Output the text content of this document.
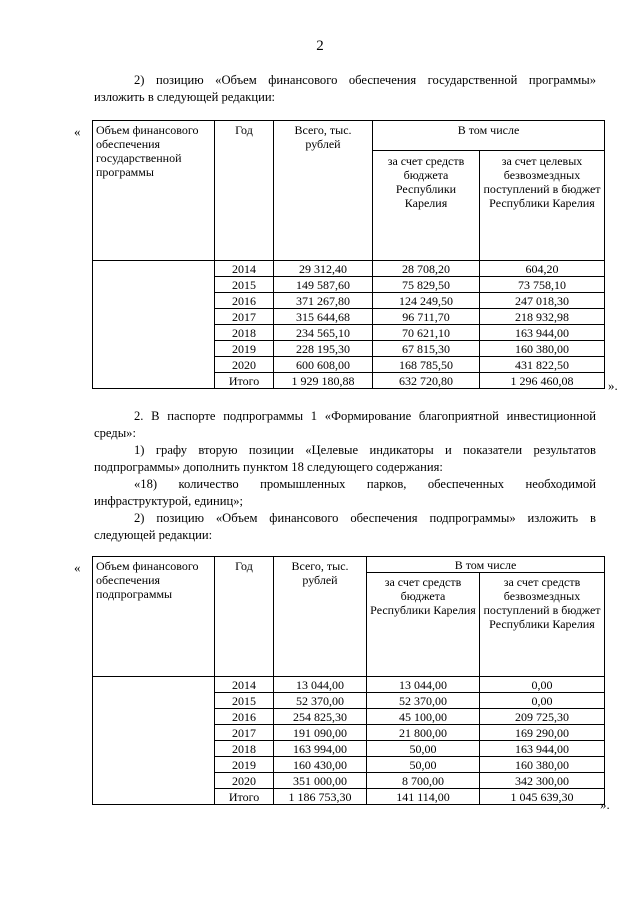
2

2) позицию «Объем финансового обеспечения государственной программы» изложить в следующей редакции:

« Объем финансового обеспечения государственной программы	Год	Всего, тыс. рублей	В том числе	
			за счет средств бюджета Республики Карелия	за счет целевых безвозмездных поступлений в бюджет Республики Карелия
	2014	29 312,40	28 708,20	604,20
	2015	149 587,60	75 829,50	73 758,10
	2016	371 267,80	124 249,50	247 018,30
	2017	315 644,68	96 711,70	218 932,98
	2018	234 565,10	70 621,10	163 944,00
	2019	228 195,30	67 815,30	160 380,00
	2020	600 608,00	168 785,50	431 822,50
	Итого	1 929 180,88	632 720,80	1 296 460,08	».

2. В паспорте подпрограммы 1 «Формирование благоприятной инвестиционной среды»:

1) графу вторую позиции «Целевые индикаторы и показатели результатов подпрограммы» дополнить пунктом 18 следующего содержания:

«18) количество промышленных парков, обеспеченных необходимой инфраструктурой, единиц»;

2) позицию «Объем финансового обеспечения подпрограммы» изложить в следующей редакции:

« Объем финансового обеспечения подпрограммы	Год	Всего, тыс. рублей	В том числе	
			за счет средств бюджета Республики Карелия	за счет средств безвозмездных поступлений в бюджет Республики Карелия
	2014	13 044,00	13 044,00	0,00
	2015	52 370,00	52 370,00	0,00
	2016	254 825,30	45 100,00	209 725,30
	2017	191 090,00	21 800,00	169 290,00
	2018	163 994,00	50,00	163 944,00
	2019	160 430,00	50,00	160 380,00
	2020	351 000,00	8 700,00	342 300,00
	Итого	1 186 753,30	141 114,00	1 045 639,30
».
